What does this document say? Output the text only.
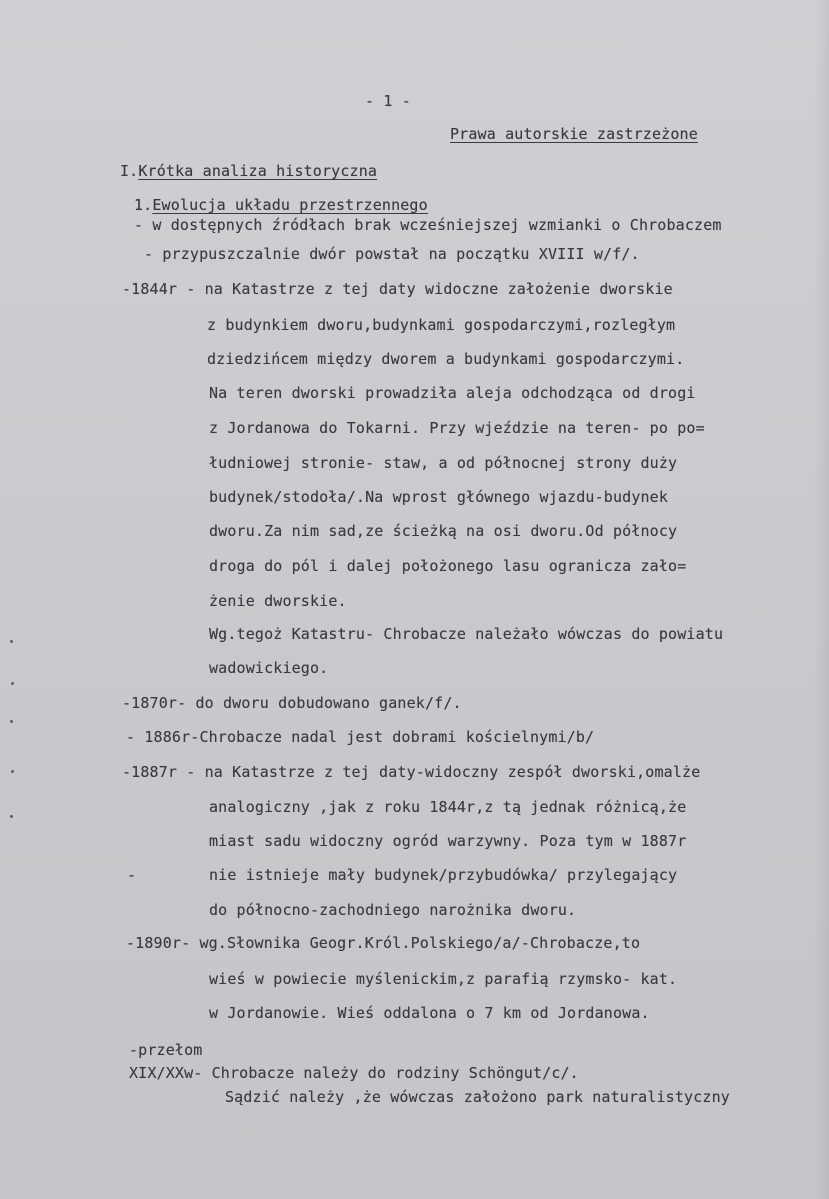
- 1 -
Prawa autorskie zastrzeżone
I.Krótka analiza historyczna
1.Ewolucja układu przestrzennego
- w dostępnych źródłach brak wcześniejszej wzmianki o Chrobaczem
- przypuszczalnie dwór powstał na początku XVIII w/f/.
-1844r - na Katastrze z tej daty widoczne założenie dworskie
z budynkiem dworu,budynkami gospodarczymi,rozległym
dziedzińcem między dworem a budynkami gospodarczymi.
Na teren dworski prowadziła aleja odchodząca od drogi
z Jordanowa do Tokarni. Przy wjeździe na teren- po po=
łudniowej stronie- staw, a od północnej strony duży
budynek/stodoła/.Na wprost głównego wjazdu-budynek
dworu.Za nim sad,ze ścieżką na osi dworu.Od północy
droga do pól i dalej położonego lasu ogranicza zało=
żenie dworskie.
Wg.tegoż Katastru- Chrobacze należało wówczas do powiatu
wadowickiego.
-1870r- do dworu dobudowano ganek/f/.
- 1886r-Chrobacze nadal jest dobrami kościelnymi/b/
-1887r - na Katastrze z tej daty-widoczny zespół dworski,omalże
analogiczny ,jak z roku 1844r,z tą jednak różnicą,że
miast sadu widoczny ogród warzywny. Poza tym w 1887r
-	nie istnieje mały budynek/przybudówka/ przylegający
do północno-zachodniego narożnika dworu.
-1890r- wg.Słownika Geogr.Król.Polskiego/a/-Chrobacze,to
wieś w powiecie myślenickim,z parafią rzymsko- kat.
w Jordanowie. Wieś oddalona o 7 km od Jordanowa.
-przełom
XIX/XXw- Chrobacze należy do rodziny Schöngut/c/.
Sądzić należy ,że wówczas założono park naturalistyczny
